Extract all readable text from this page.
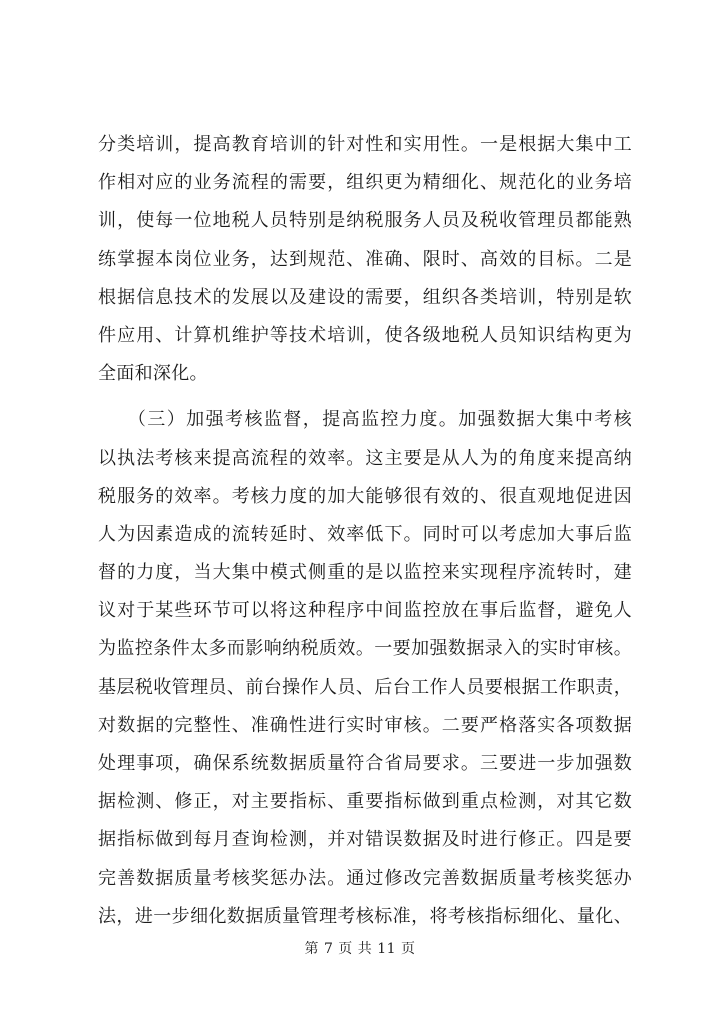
分类培训，提高教育培训的针对性和实用性。一是根据大集中工
作相对应的业务流程的需要，组织更为精细化、规范化的业务培
训，使每一位地税人员特别是纳税服务人员及税收管理员都能熟
练掌握本岗位业务，达到规范、准确、限时、高效的目标。二是
根据信息技术的发展以及建设的需要，组织各类培训，特别是软
件应用、计算机维护等技术培训，使各级地税人员知识结构更为
全面和深化。
　　（三）加强考核监督，提高监控力度。加强数据大集中考核
以执法考核来提高流程的效率。这主要是从人为的角度来提高纳
税服务的效率。考核力度的加大能够很有效的、很直观地促进因
人为因素造成的流转延时、效率低下。同时可以考虑加大事后监
督的力度，当大集中模式侧重的是以监控来实现程序流转时，建
议对于某些环节可以将这种程序中间监控放在事后监督，避免人
为监控条件太多而影响纳税质效。一要加强数据录入的实时审核。
基层税收管理员、前台操作人员、后台工作人员要根据工作职责，
对数据的完整性、准确性进行实时审核。二要严格落实各项数据
处理事项，确保系统数据质量符合省局要求。三要进一步加强数
据检测、修正，对主要指标、重要指标做到重点检测，对其它数
据指标做到每月查询检测，并对错误数据及时进行修正。四是要
完善数据质量考核奖惩办法。通过修改完善数据质量考核奖惩办
法，进一步细化数据质量管理考核标准，将考核指标细化、量化、
第 7 页 共 11 页
